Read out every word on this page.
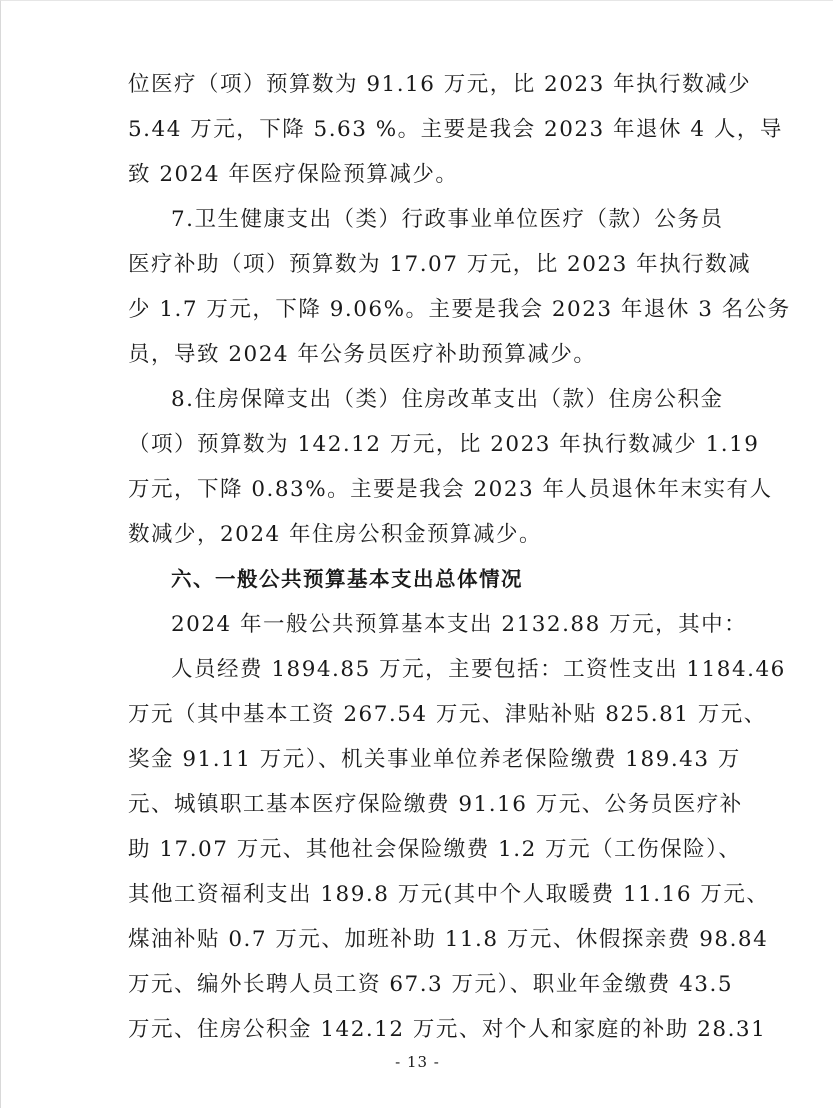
位医疗（项）预算数为 91.16 万元，比 2023 年执行数减少
5.44 万元，下降 5.63 %。主要是我会 2023 年退休 4 人，导
致 2024 年医疗保险预算减少。
7.卫生健康支出（类）行政事业单位医疗（款）公务员
医疗补助（项）预算数为 17.07 万元，比 2023 年执行数减
少 1.7 万元，下降 9.06%。主要是我会 2023 年退休 3 名公务
员，导致 2024 年公务员医疗补助预算减少。
8.住房保障支出（类）住房改革支出（款）住房公积金
（项）预算数为 142.12 万元，比 2023 年执行数减少 1.19
万元，下降 0.83%。主要是我会 2023 年人员退休年末实有人
数减少，2024 年住房公积金预算减少。
六、一般公共预算基本支出总体情况
2024 年一般公共预算基本支出 2132.88 万元，其中：
人员经费 1894.85 万元，主要包括：工资性支出 1184.46
万元（其中基本工资 267.54 万元、津贴补贴 825.81 万元、
奖金 91.11 万元）、机关事业单位养老保险缴费 189.43 万
元、城镇职工基本医疗保险缴费 91.16 万元、公务员医疗补
助 17.07 万元、其他社会保险缴费 1.2 万元（工伤保险）、
其他工资福利支出 189.8 万元(其中个人取暖费 11.16 万元、
煤油补贴 0.7 万元、加班补助 11.8 万元、休假探亲费 98.84
万元、编外长聘人员工资 67.3 万元）、职业年金缴费 43.5
万元、住房公积金 142.12 万元、对个人和家庭的补助 28.31
- 13 -
